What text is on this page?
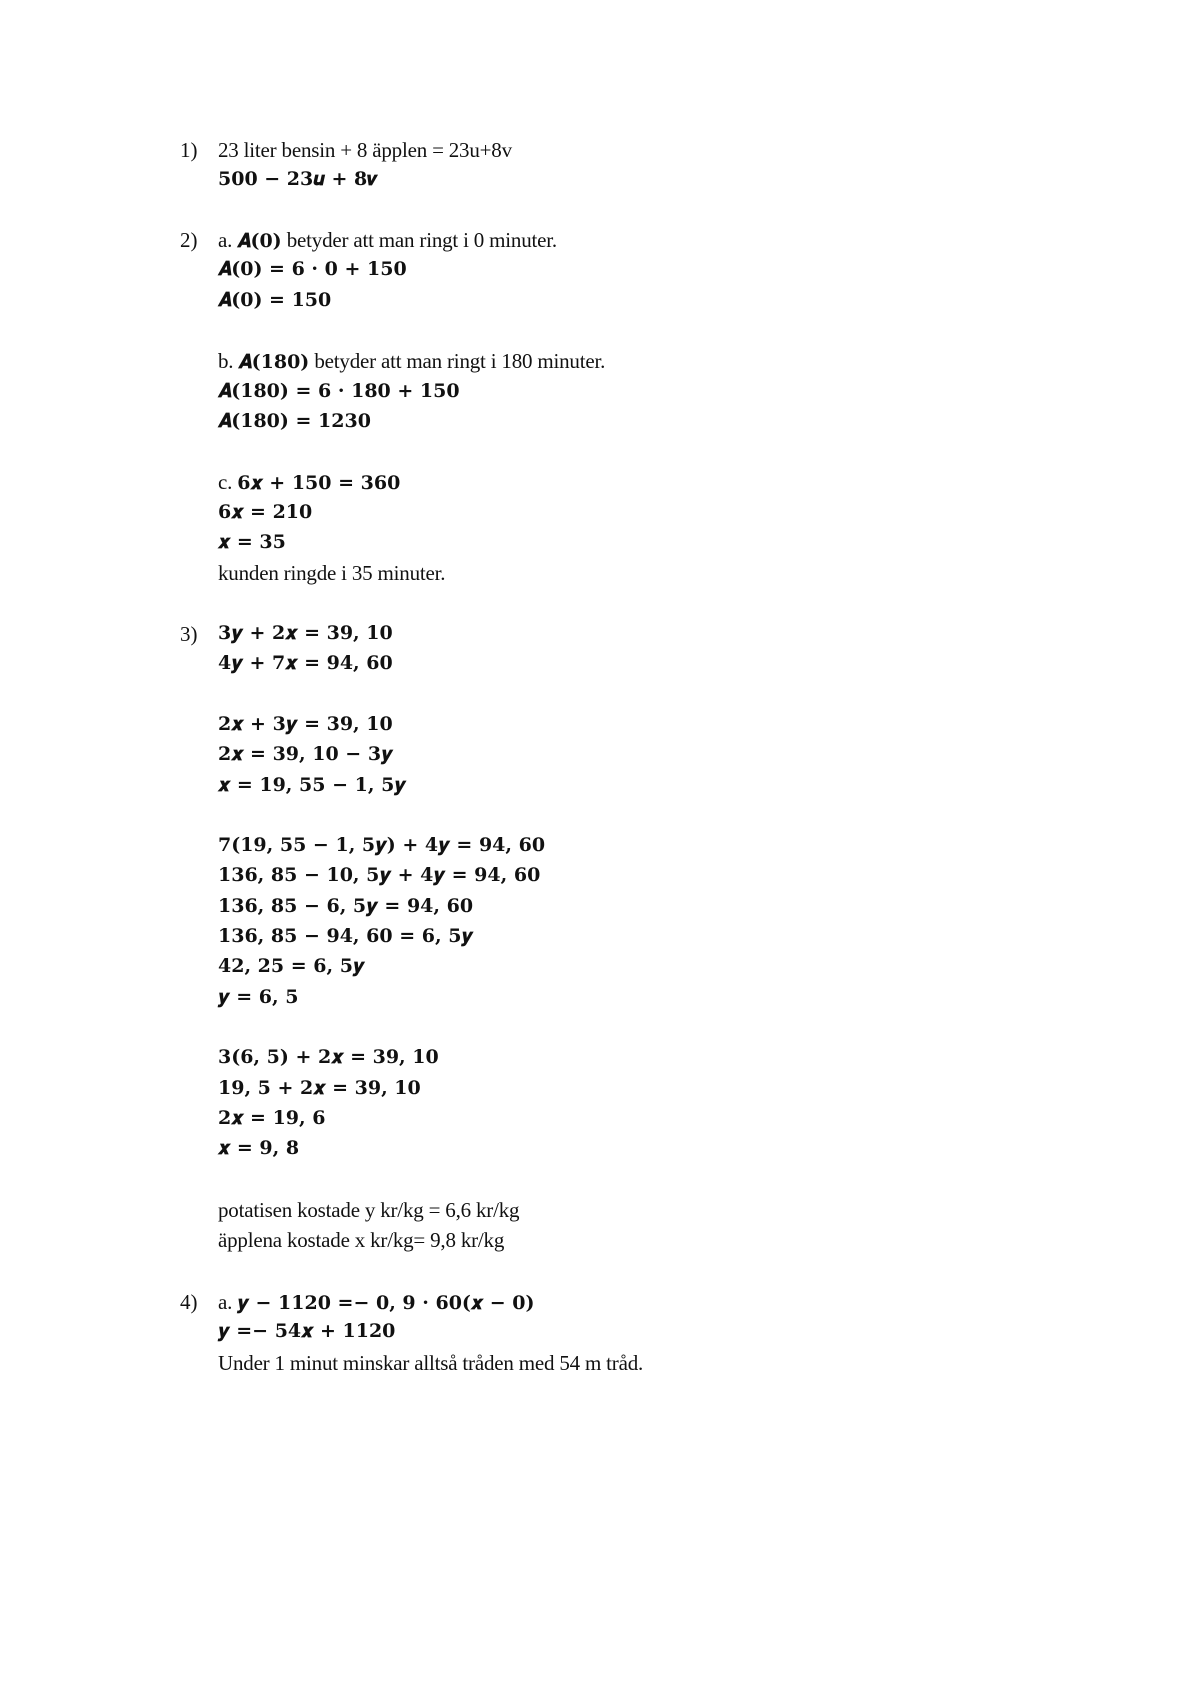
1) 23 liter bensin + 8 äpplen = 23u+8v
500 − 23𝒖 + 8𝒗
2) a. 𝑨(0) betyder att man ringt i 0 minuter.
𝑨(0) = 6 · 0 + 150
𝑨(0) = 150
b. 𝑨(180) betyder att man ringt i 180 minuter.
𝑨(180) = 6 · 180 + 150
𝑨(180) = 1230
c. 6𝒙 + 150 = 360
6𝒙 = 210
𝒙 = 35
kunden ringde i 35 minuter.
3) 3𝒚 + 2𝒙 = 39, 10
4𝒚 + 7𝒙 = 94, 60
2𝒙 + 3𝒚 = 39, 10
2𝒙 = 39, 10 − 3𝒚
𝒙 = 19, 55 − 1, 5𝒚
7(19, 55 − 1, 5𝒚) + 4𝒚 = 94, 60
136, 85 − 10, 5𝒚 + 4𝒚 = 94, 60
136, 85 − 6, 5𝒚 = 94, 60
136, 85 − 94, 60 = 6, 5𝒚
42, 25 = 6, 5𝒚
𝒚 = 6, 5
3(6, 5) + 2𝒙 = 39, 10
19, 5 + 2𝒙 = 39, 10
2𝒙 = 19, 6
𝒙 = 9, 8
potatisen kostade y kr/kg = 6,6 kr/kg
äpplena kostade x kr/kg= 9,8 kr/kg
4) a. 𝒚 − 1120 =− 0, 9 · 60(𝒙 − 0)
𝒚 =− 54𝒙 + 1120
Under 1 minut minskar alltså tråden med 54 m tråd.
